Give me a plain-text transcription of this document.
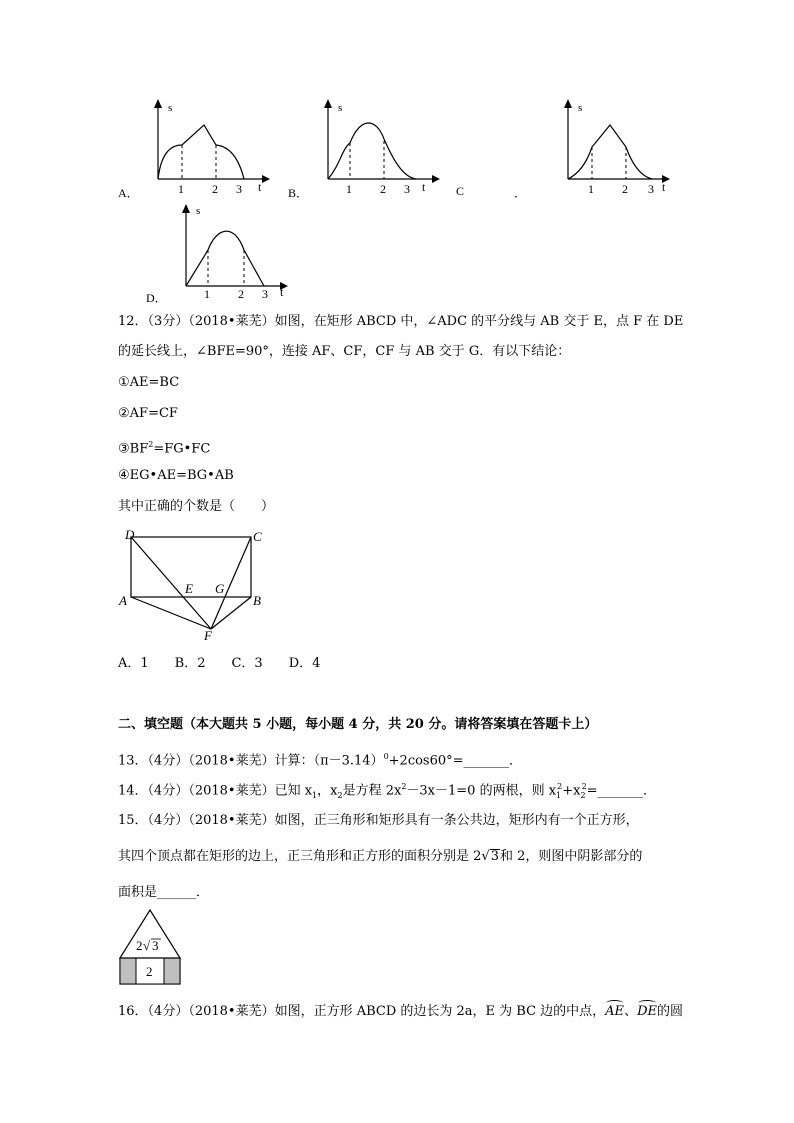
s
1 2 3 t
A．
s
1 2 3 t
B．
s
1 2 3 t
C	．
s
1 2 3 t
D．
12．（3分）（2018•莱芜）如图，在矩形 ABCD 中，∠ADC 的平分线与 AB 交于 E，点 F 在 DE
的延长线上，∠BFE=90°，连接 AF、CF，CF 与 AB 交于 G．有以下结论：
①AE=BC
②AF=CF
$③BF^2=FG•FC$
④EG•AE=BG•AB
其中正确的个数是（　　）
D	C
A	B
E G
F
A．1　　B．2　　C．3　　D．4
二、填空题（本大题共 5 小题，每小题 4 分，共 20 分。请将答案填在答题卡上）
13．（4分）（2018•莱芜）计算：$(\pi-3.14)^0+2\cos 60^\circ=\_\_\_\_\_\_\_$．
14．（4分）（2018•莱芜）已知 $x_1$，$x_2$是方程 $2x^2-3x-1=0$ 的两根，则 $x_1^2+x_2^2=\_\_\_\_\_\_\_$．
15．（4分）（2018•莱芜）如图，正三角形和矩形具有一条公共边，矩形内有一个正方形，
其四个顶点都在矩形的边上，正三角形和正方形的面积分别是 2√3和 2，则图中阴影部分的
面积是______．
2 √ 3
2
16．（4分）（2018•莱芜）如图，正方形 ABCD 的边长为 2a，E 为 BC 边的中点，AE、DE的圆
